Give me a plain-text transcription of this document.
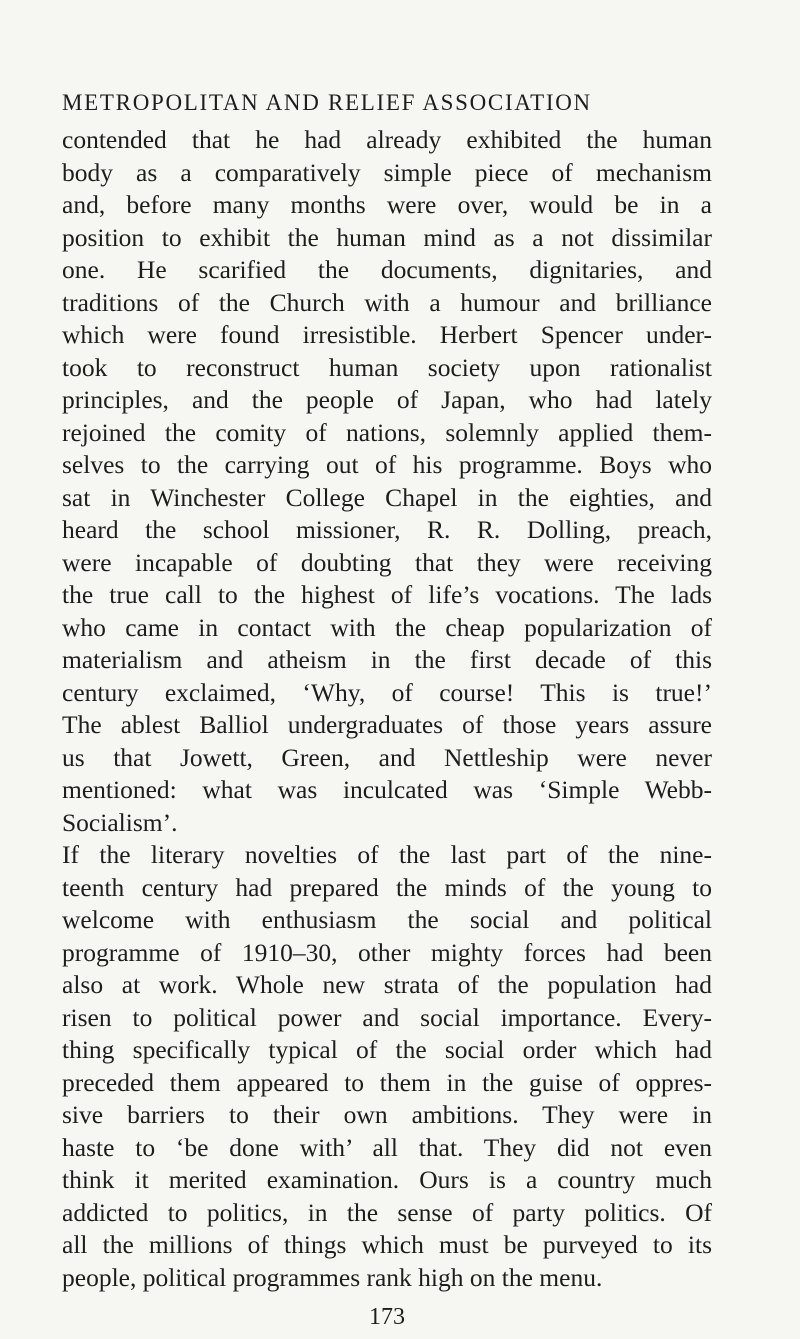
METROPOLITAN AND RELIEF ASSOCIATION
contended that he had already exhibited the human
body as a comparatively simple piece of mechanism
and, before many months were over, would be in a
position to exhibit the human mind as a not dissimilar
one. He scarified the documents, dignitaries, and
traditions of the Church with a humour and brilliance
which were found irresistible. Herbert Spencer under-
took to reconstruct human society upon rationalist
principles, and the people of Japan, who had lately
rejoined the comity of nations, solemnly applied them-
selves to the carrying out of his programme. Boys who
sat in Winchester College Chapel in the eighties, and
heard the school missioner, R. R. Dolling, preach,
were incapable of doubting that they were receiving
the true call to the highest of life’s vocations. The lads
who came in contact with the cheap popularization of
materialism and atheism in the first decade of this
century exclaimed, ‘Why, of course! This is true!’
The ablest Balliol undergraduates of those years assure
us that Jowett, Green, and Nettleship were never
mentioned: what was inculcated was ‘Simple Webb-
Socialism’.
If the literary novelties of the last part of the nine-
teenth century had prepared the minds of the young to
welcome with enthusiasm the social and political
programme of 1910–30, other mighty forces had been
also at work. Whole new strata of the population had
risen to political power and social importance. Every-
thing specifically typical of the social order which had
preceded them appeared to them in the guise of oppres-
sive barriers to their own ambitions. They were in
haste to ‘be done with’ all that. They did not even
think it merited examination. Ours is a country much
addicted to politics, in the sense of party politics. Of
all the millions of things which must be purveyed to its
people, political programmes rank high on the menu.
173
